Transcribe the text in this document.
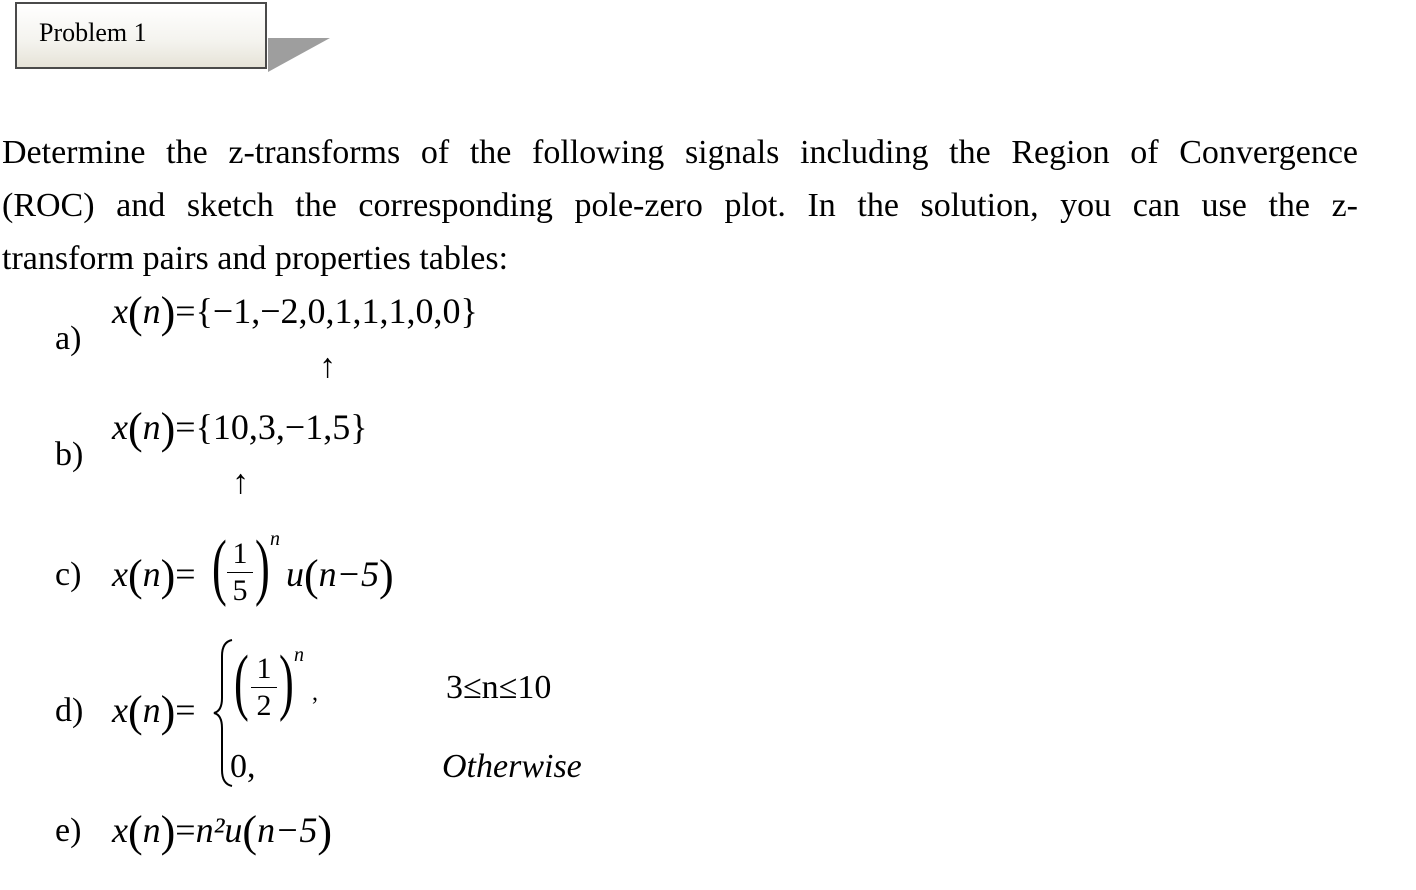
Problem 1
Determine the z-transforms of the following signals including the Region of Convergence
(ROC) and sketch the corresponding pole-zero plot. In the solution, you can use the z-
transform pairs and properties tables:
a)
x(n)={−1,−2,0,1,1,1,0,0}
↑
b)
x(n)={10,3,−1,5}
↑
c) x(n)= ( $\frac{1}{5}$ ) n
u(n−5)
d) x(n)= ( $\frac{1}{2}$ ) n
,
0,
3≤n≤10
Otherwise
e) x(n)=n²u(n−5)
